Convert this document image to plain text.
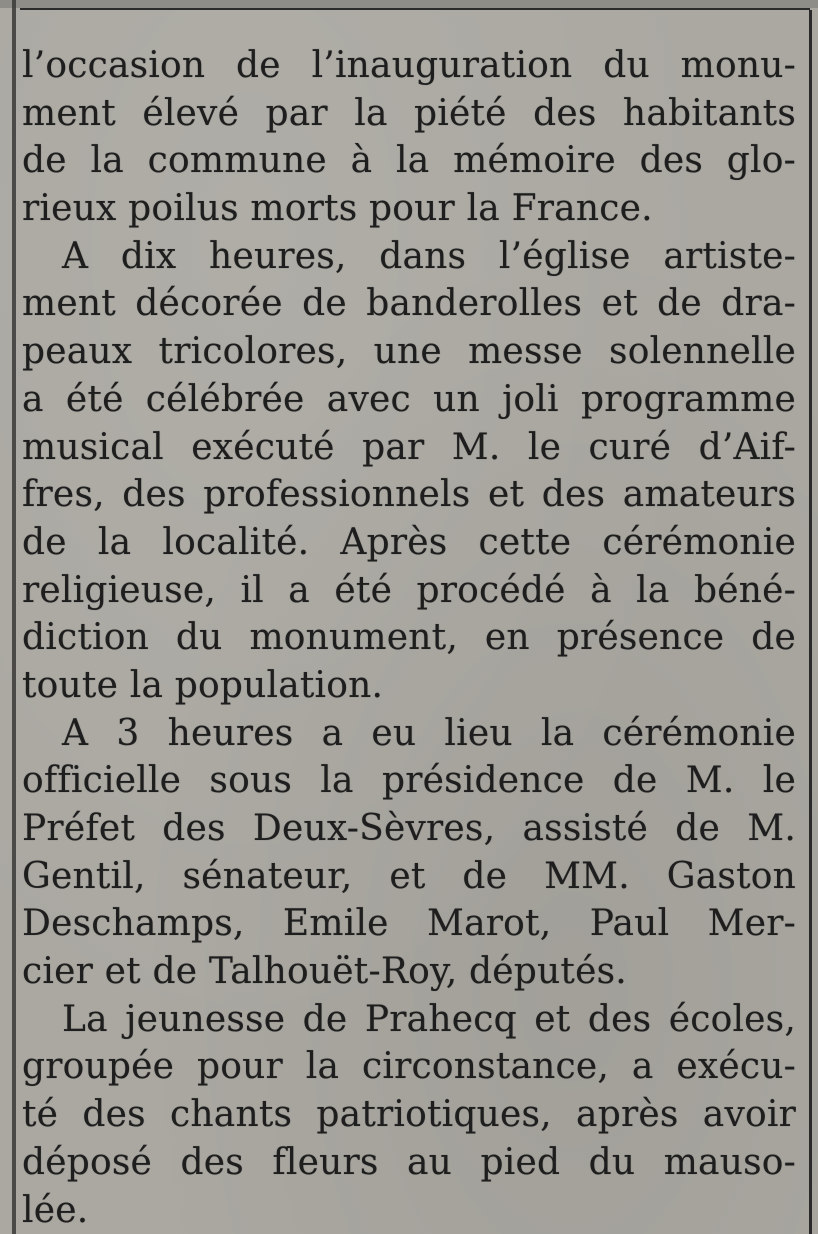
l’occasion de l’inauguration du monu-
ment élevé par la piété des habitants
de la commune à la mémoire des glo-
rieux poilus morts pour la France.
A dix heures, dans l’église artiste-
ment décorée de banderolles et de dra-
peaux tricolores, une messe solennelle
a été célébrée avec un joli programme
musical exécuté par M. le curé d’Aif-
fres, des professionnels et des amateurs
de la localité. Après cette cérémonie
religieuse, il a été procédé à la béné-
diction du monument, en présence de
toute la population.
A 3 heures a eu lieu la cérémonie
officielle sous la présidence de M. le
Préfet des Deux-Sèvres, assisté de M.
Gentil, sénateur, et de MM. Gaston
Deschamps, Emile Marot, Paul Mer-
cier et de Talhouët-Roy, députés.
La jeunesse de Prahecq et des écoles,
groupée pour la circonstance, a exécu-
té des chants patriotiques, après avoir
déposé des fleurs au pied du mauso-
lée.
